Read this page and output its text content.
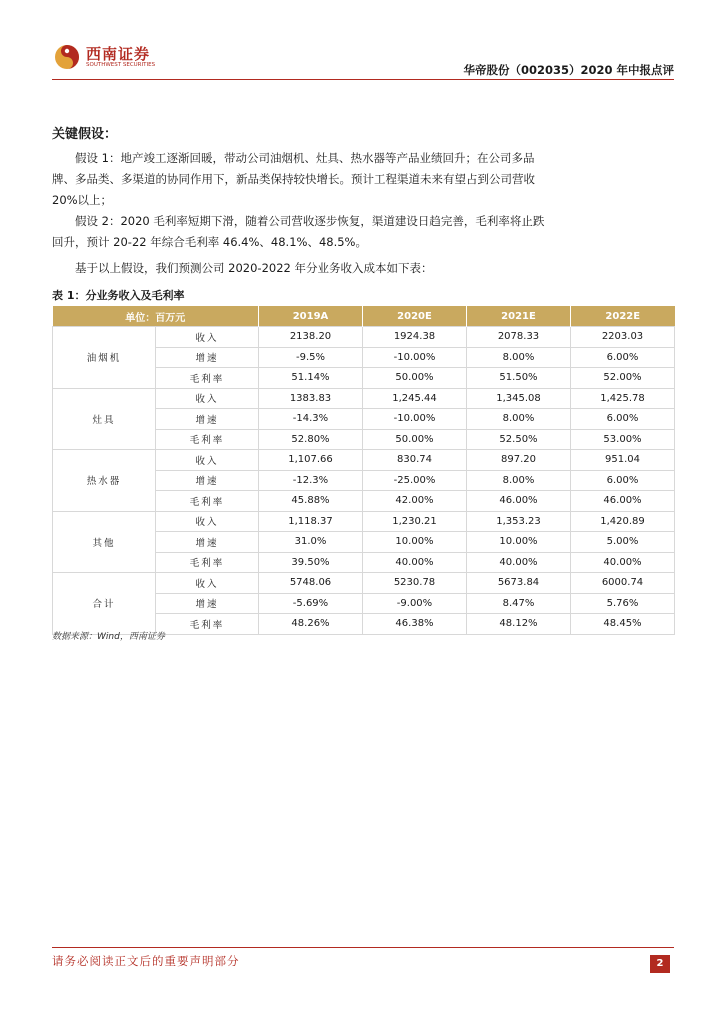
西南证券
SOUTHWEST SECURITIES	华帝股份（002035）2020 年中报点评
关键假设：
假设 1：地产竣工逐渐回暖，带动公司油烟机、灶具、热水器等产品业绩回升；在公司多品牌、多品类、多渠道的协同作用下，新品类保持较快增长。预计工程渠道未来有望占到公司营收 20%以上；
假设 2：2020 毛利率短期下滑，随着公司营收逐步恢复，渠道建设日趋完善，毛利率将止跌回升，预计 20-22 年综合毛利率 46.4%、48.1%、48.5%。
基于以上假设，我们预测公司 2020-2022 年分业务收入成本如下表：
表 1：分业务收入及毛利率
单位：百万元		2019A	2020E	2021E	2022E
油烟机	收入	2138.20	1924.38	2078.33	2203.03
	增速	-9.5%	-10.00%	8.00%	6.00%
	毛利率	51.14%	50.00%	51.50%	52.00%
灶具	收入	1383.83	1,245.44	1,345.08	1,425.78
	增速	-14.3%	-10.00%	8.00%	6.00%
	毛利率	52.80%	50.00%	52.50%	53.00%
热水器	收入	1,107.66	830.74	897.20	951.04
	增速	-12.3%	-25.00%	8.00%	6.00%
	毛利率	45.88%	42.00%	46.00%	46.00%
其他	收入	1,118.37	1,230.21	1,353.23	1,420.89
	增速	31.0%	10.00%	10.00%	5.00%
	毛利率	39.50%	40.00%	40.00%	40.00%
合计	收入	5748.06	5230.78	5673.84	6000.74
	增速	-5.69%	-9.00%	8.47%	5.76%
	毛利率	48.26%	46.38%	48.12%	48.45%
数据来源：Wind，西南证券
请务必阅读正文后的重要声明部分	2
